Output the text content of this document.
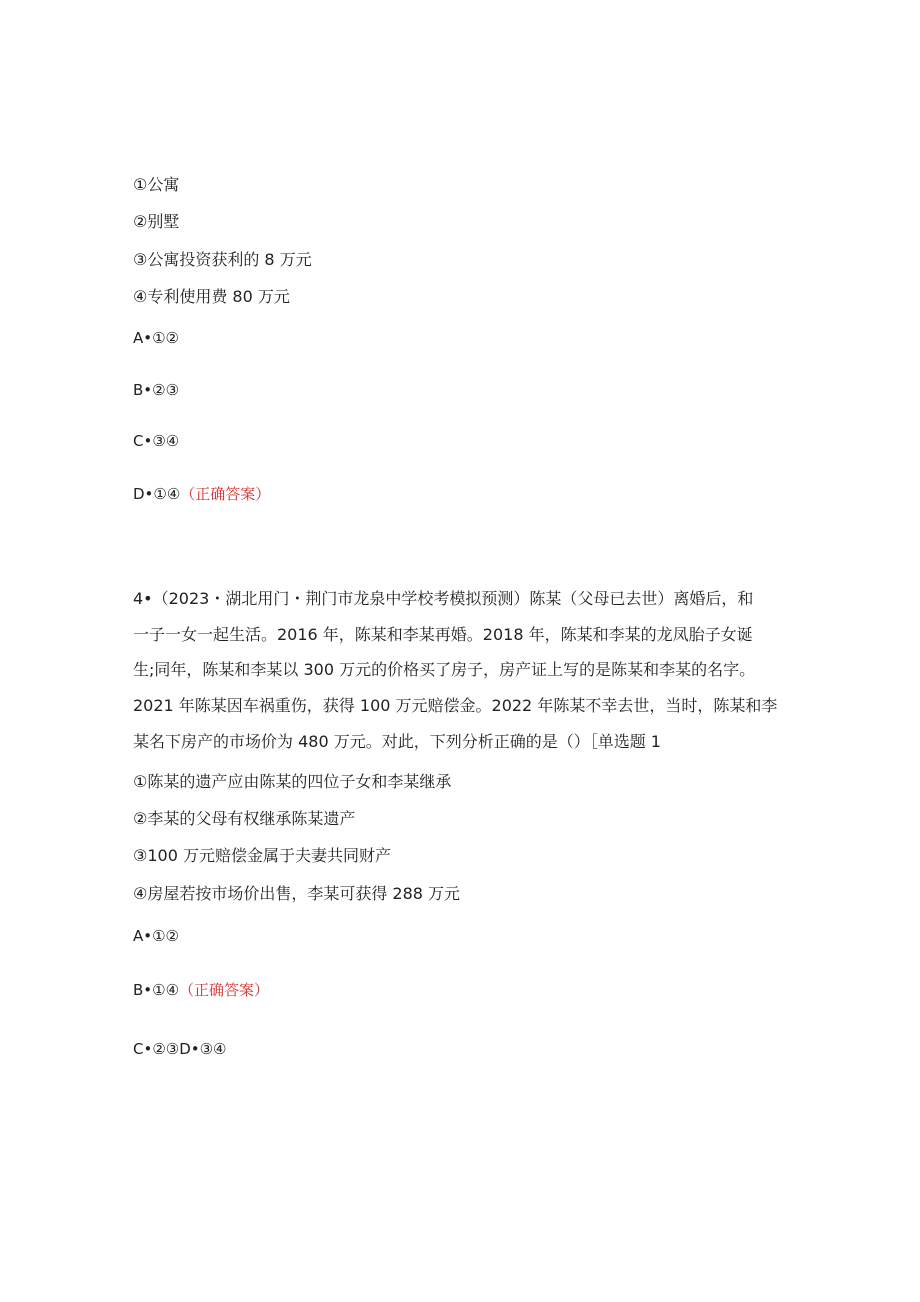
①公寓
②别墅
③公寓投资获利的 8 万元
④专利使用费 80 万元
A•①②
B•②③
C•③④
D•①④（正确答案）
4•（2023・湖北用门・荆门市龙泉中学校考模拟预测）陈某（父母已去世）离婚后，和
一子一女一起生活。2016 年，陈某和李某再婚。2018 年，陈某和李某的龙凤胎子女诞
生;同年，陈某和李某以 300 万元的价格买了房子，房产证上写的是陈某和李某的名字。
2021 年陈某因车祸重伤，获得 100 万元赔偿金。2022 年陈某不幸去世，当时，陈某和李
某名下房产的市场价为 480 万元。对此，下列分析正确的是（）［单选题 1
①陈某的遗产应由陈某的四位子女和李某继承
②李某的父母有权继承陈某遗产
③100 万元赔偿金属于夫妻共同财产
④房屋若按市场价出售，李某可获得 288 万元
A•①②
B•①④（正确答案）
C•②③D•③④
